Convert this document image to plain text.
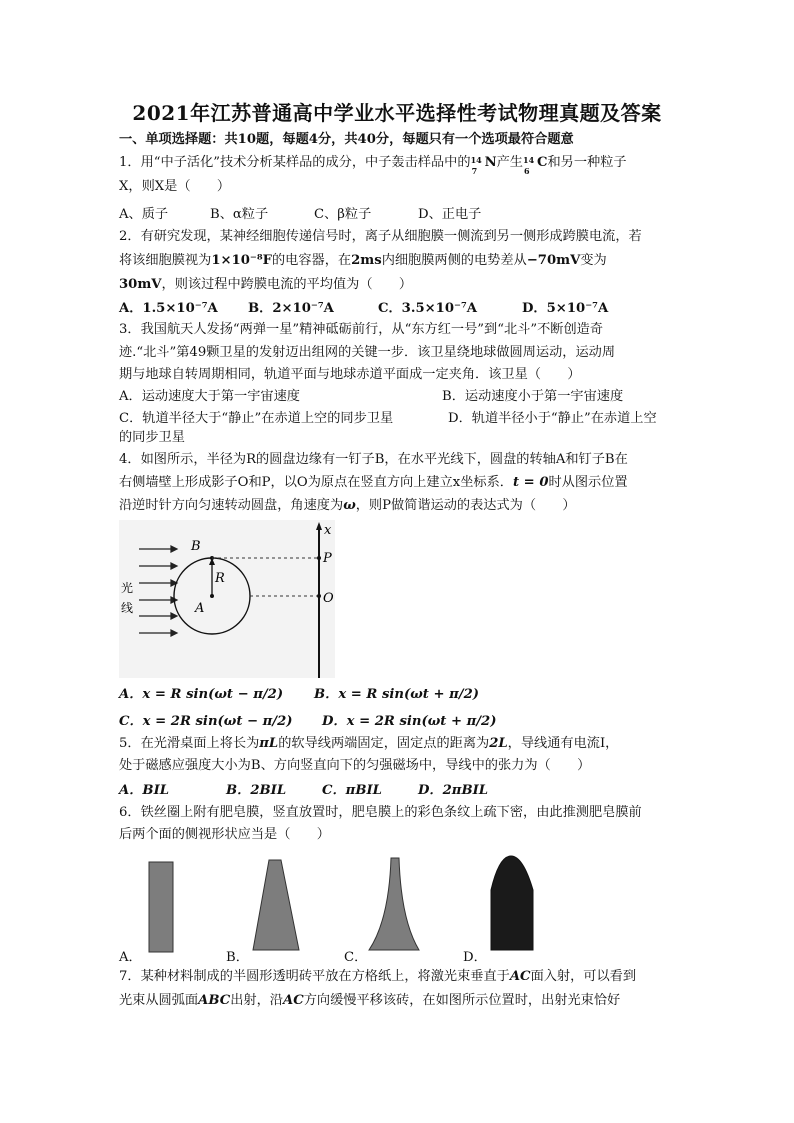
2021年江苏普通高中学业水平选择性考试物理真题及答案
一、单项选择题：共10题，每题4分，共40分，每题只有一个选项最符合题意
1．用“中子活化”技术分析某样品的成分，中子轰击样品中的 14
7
N产生 14
6
C和另一种粒子
X，则X是（　　）
A、质子	B、α粒子	C、β粒子	D、正电子
2．有研究发现，某神经细胞传递信号时，离子从细胞膜一侧流到另一侧形成跨膜电流，若
将该细胞膜视为1×10⁻⁸F的电容器，在2ms内细胞膜两侧的电势差从−70mV变为
30mV，则该过程中跨膜电流的平均值为（　　）
A．1.5×10⁻⁷A B．2×10⁻⁷A	C．3.5×10⁻⁷A	D．5×10⁻⁷A
3．我国航天人发扬“两弹一星”精神砥砺前行，从“东方红一号”到“北斗”不断创造奇
迹.“北斗”第49颗卫星的发射迈出组网的关键一步．该卫星绕地球做圆周运动，运动周
期与地球自转周期相同，轨道平面与地球赤道平面成一定夹角．该卫星（　　）
A．运动速度大于第一宇宙速度	B．运动速度小于第一宇宙速度
C．轨道半径大于“静止”在赤道上空的同步卫星	D．轨道半径小于“静止”在赤道上空
的同步卫星
4．如图所示，半径为R的圆盘边缘有一钉子B，在水平光线下，圆盘的转轴A和钉子B在
右侧墙壁上形成影子O和P，以O为原点在竖直方向上建立x坐标系．t = 0时从图示位置
沿逆时针方向匀速转动圆盘，角速度为ω，则P做简谐运动的表达式为（　　）
光
线
B
R
A
P
O
x
A．x = R sin(ωt − π/2) B．x = R sin(ωt + π/2)
C．x = 2R sin(ωt − π/2) D．x = 2R sin(ωt + π/2)
5．在光滑桌面上将长为πL的软导线两端固定，固定点的距离为2L，导线通有电流I，
处于磁感应强度大小为B、方向竖直向下的匀强磁场中，导线中的张力为（　　）
A．BIL	B．2BIL	C．πBIL	D．2πBIL
6．铁丝圈上附有肥皂膜，竖直放置时，肥皂膜上的彩色条纹上疏下密，由此推测肥皂膜前
后两个面的侧视形状应当是（　　）
A．	B．	C．	D．
7．某种材料制成的半圆形透明砖平放在方格纸上，将激光束垂直于AC面入射，可以看到
光束从圆弧面ABC出射，沿AC方向缓慢平移该砖，在如图所示位置时，出射光束恰好
